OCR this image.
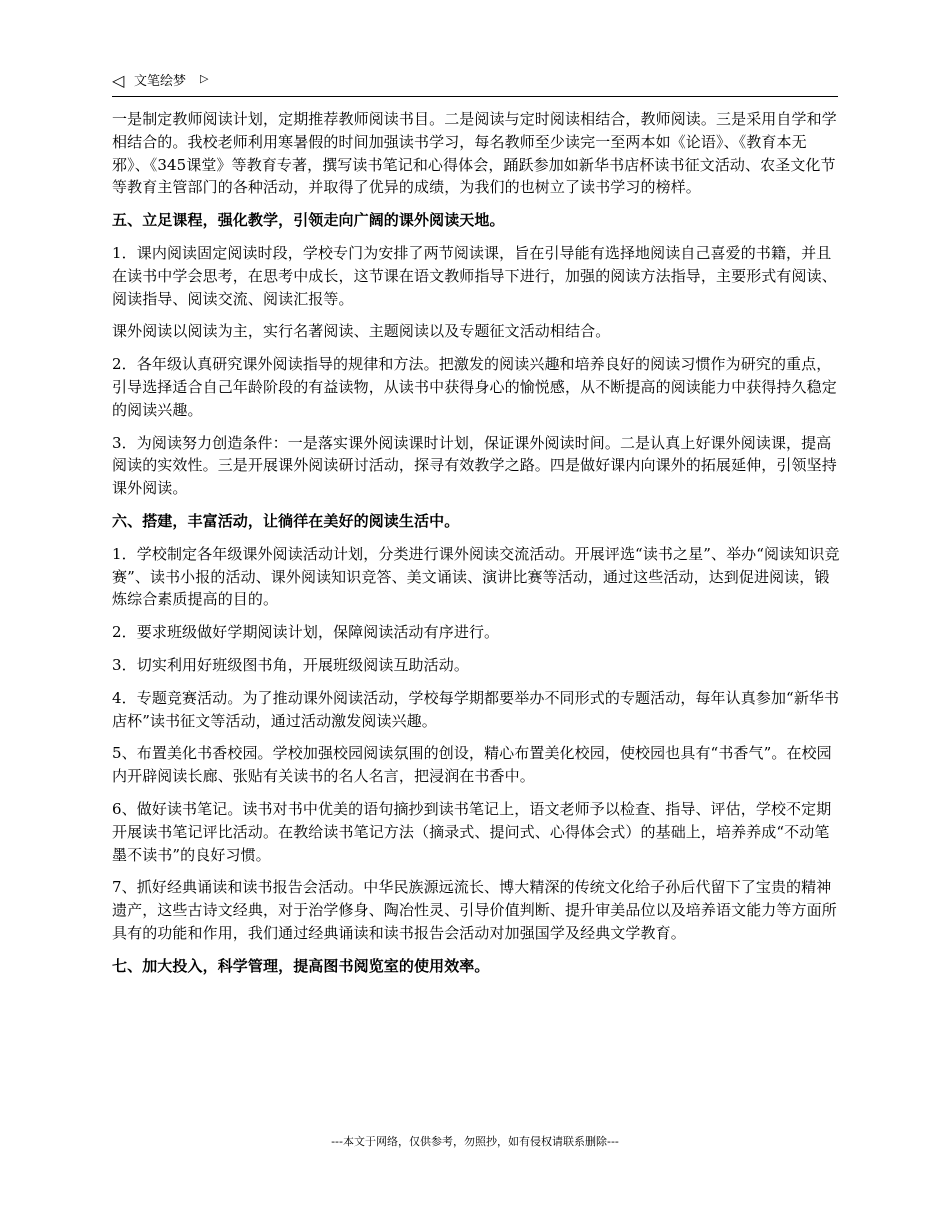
◁ 文笔绘梦 ▷

一是制定教师阅读计划，定期推荐教师阅读书目。二是阅读与定时阅读相结合，教师阅读。三是采用自学和学相结合的。我校老师利用寒暑假的时间加强读书学习，每名教师至少读完一至两本如《论语》、《教育本无邪》、《345课堂》等教育专著，撰写读书笔记和心得体会，踊跃参加如新华书店杯读书征文活动、农圣文化节等教育主管部门的各种活动，并取得了优异的成绩，为我们的也树立了读书学习的榜样。

五、立足课程，强化教学，引领走向广阔的课外阅读天地。

1．课内阅读固定阅读时段，学校专门为安排了两节阅读课，旨在引导能有选择地阅读自己喜爱的书籍，并且在读书中学会思考，在思考中成长，这节课在语文教师指导下进行，加强的阅读方法指导，主要形式有阅读、阅读指导、阅读交流、阅读汇报等。

课外阅读以阅读为主，实行名著阅读、主题阅读以及专题征文活动相结合。

2．各年级认真研究课外阅读指导的规律和方法。把激发的阅读兴趣和培养良好的阅读习惯作为研究的重点，引导选择适合自己年龄阶段的有益读物，从读书中获得身心的愉悦感，从不断提高的阅读能力中获得持久稳定的阅读兴趣。

3．为阅读努力创造条件：一是落实课外阅读课时计划，保证课外阅读时间。二是认真上好课外阅读课，提高阅读的实效性。三是开展课外阅读研讨活动，探寻有效教学之路。四是做好课内向课外的拓展延伸，引领坚持课外阅读。

六、搭建，丰富活动，让徜徉在美好的阅读生活中。

1．学校制定各年级课外阅读活动计划，分类进行课外阅读交流活动。开展评选“读书之星”、举办“阅读知识竞赛”、读书小报的活动、课外阅读知识竞答、美文诵读、演讲比赛等活动，通过这些活动，达到促进阅读，锻炼综合素质提高的目的。

2．要求班级做好学期阅读计划，保障阅读活动有序进行。

3．切实利用好班级图书角，开展班级阅读互助活动。

4．专题竞赛活动。为了推动课外阅读活动，学校每学期都要举办不同形式的专题活动，每年认真参加“新华书店杯”读书征文等活动，通过活动激发阅读兴趣。

5、布置美化书香校园。学校加强校园阅读氛围的创设，精心布置美化校园，使校园也具有“书香气”。在校园内开辟阅读长廊、张贴有关读书的名人名言，把浸润在书香中。

6、做好读书笔记。读书对书中优美的语句摘抄到读书笔记上，语文老师予以检查、指导、评估，学校不定期开展读书笔记评比活动。在教给读书笔记方法（摘录式、提问式、心得体会式）的基础上，培养养成“不动笔墨不读书”的良好习惯。

7、抓好经典诵读和读书报告会活动。中华民族源远流长、博大精深的传统文化给子孙后代留下了宝贵的精神遗产，这些古诗文经典，对于治学修身、陶冶性灵、引导价值判断、提升审美品位以及培养语文能力等方面所具有的功能和作用，我们通过经典诵读和读书报告会活动对加强国学及经典文学教育。

七、加大投入，科学管理，提高图书阅览室的使用效率。

---本文于网络，仅供参考，勿照抄，如有侵权请联系删除---
